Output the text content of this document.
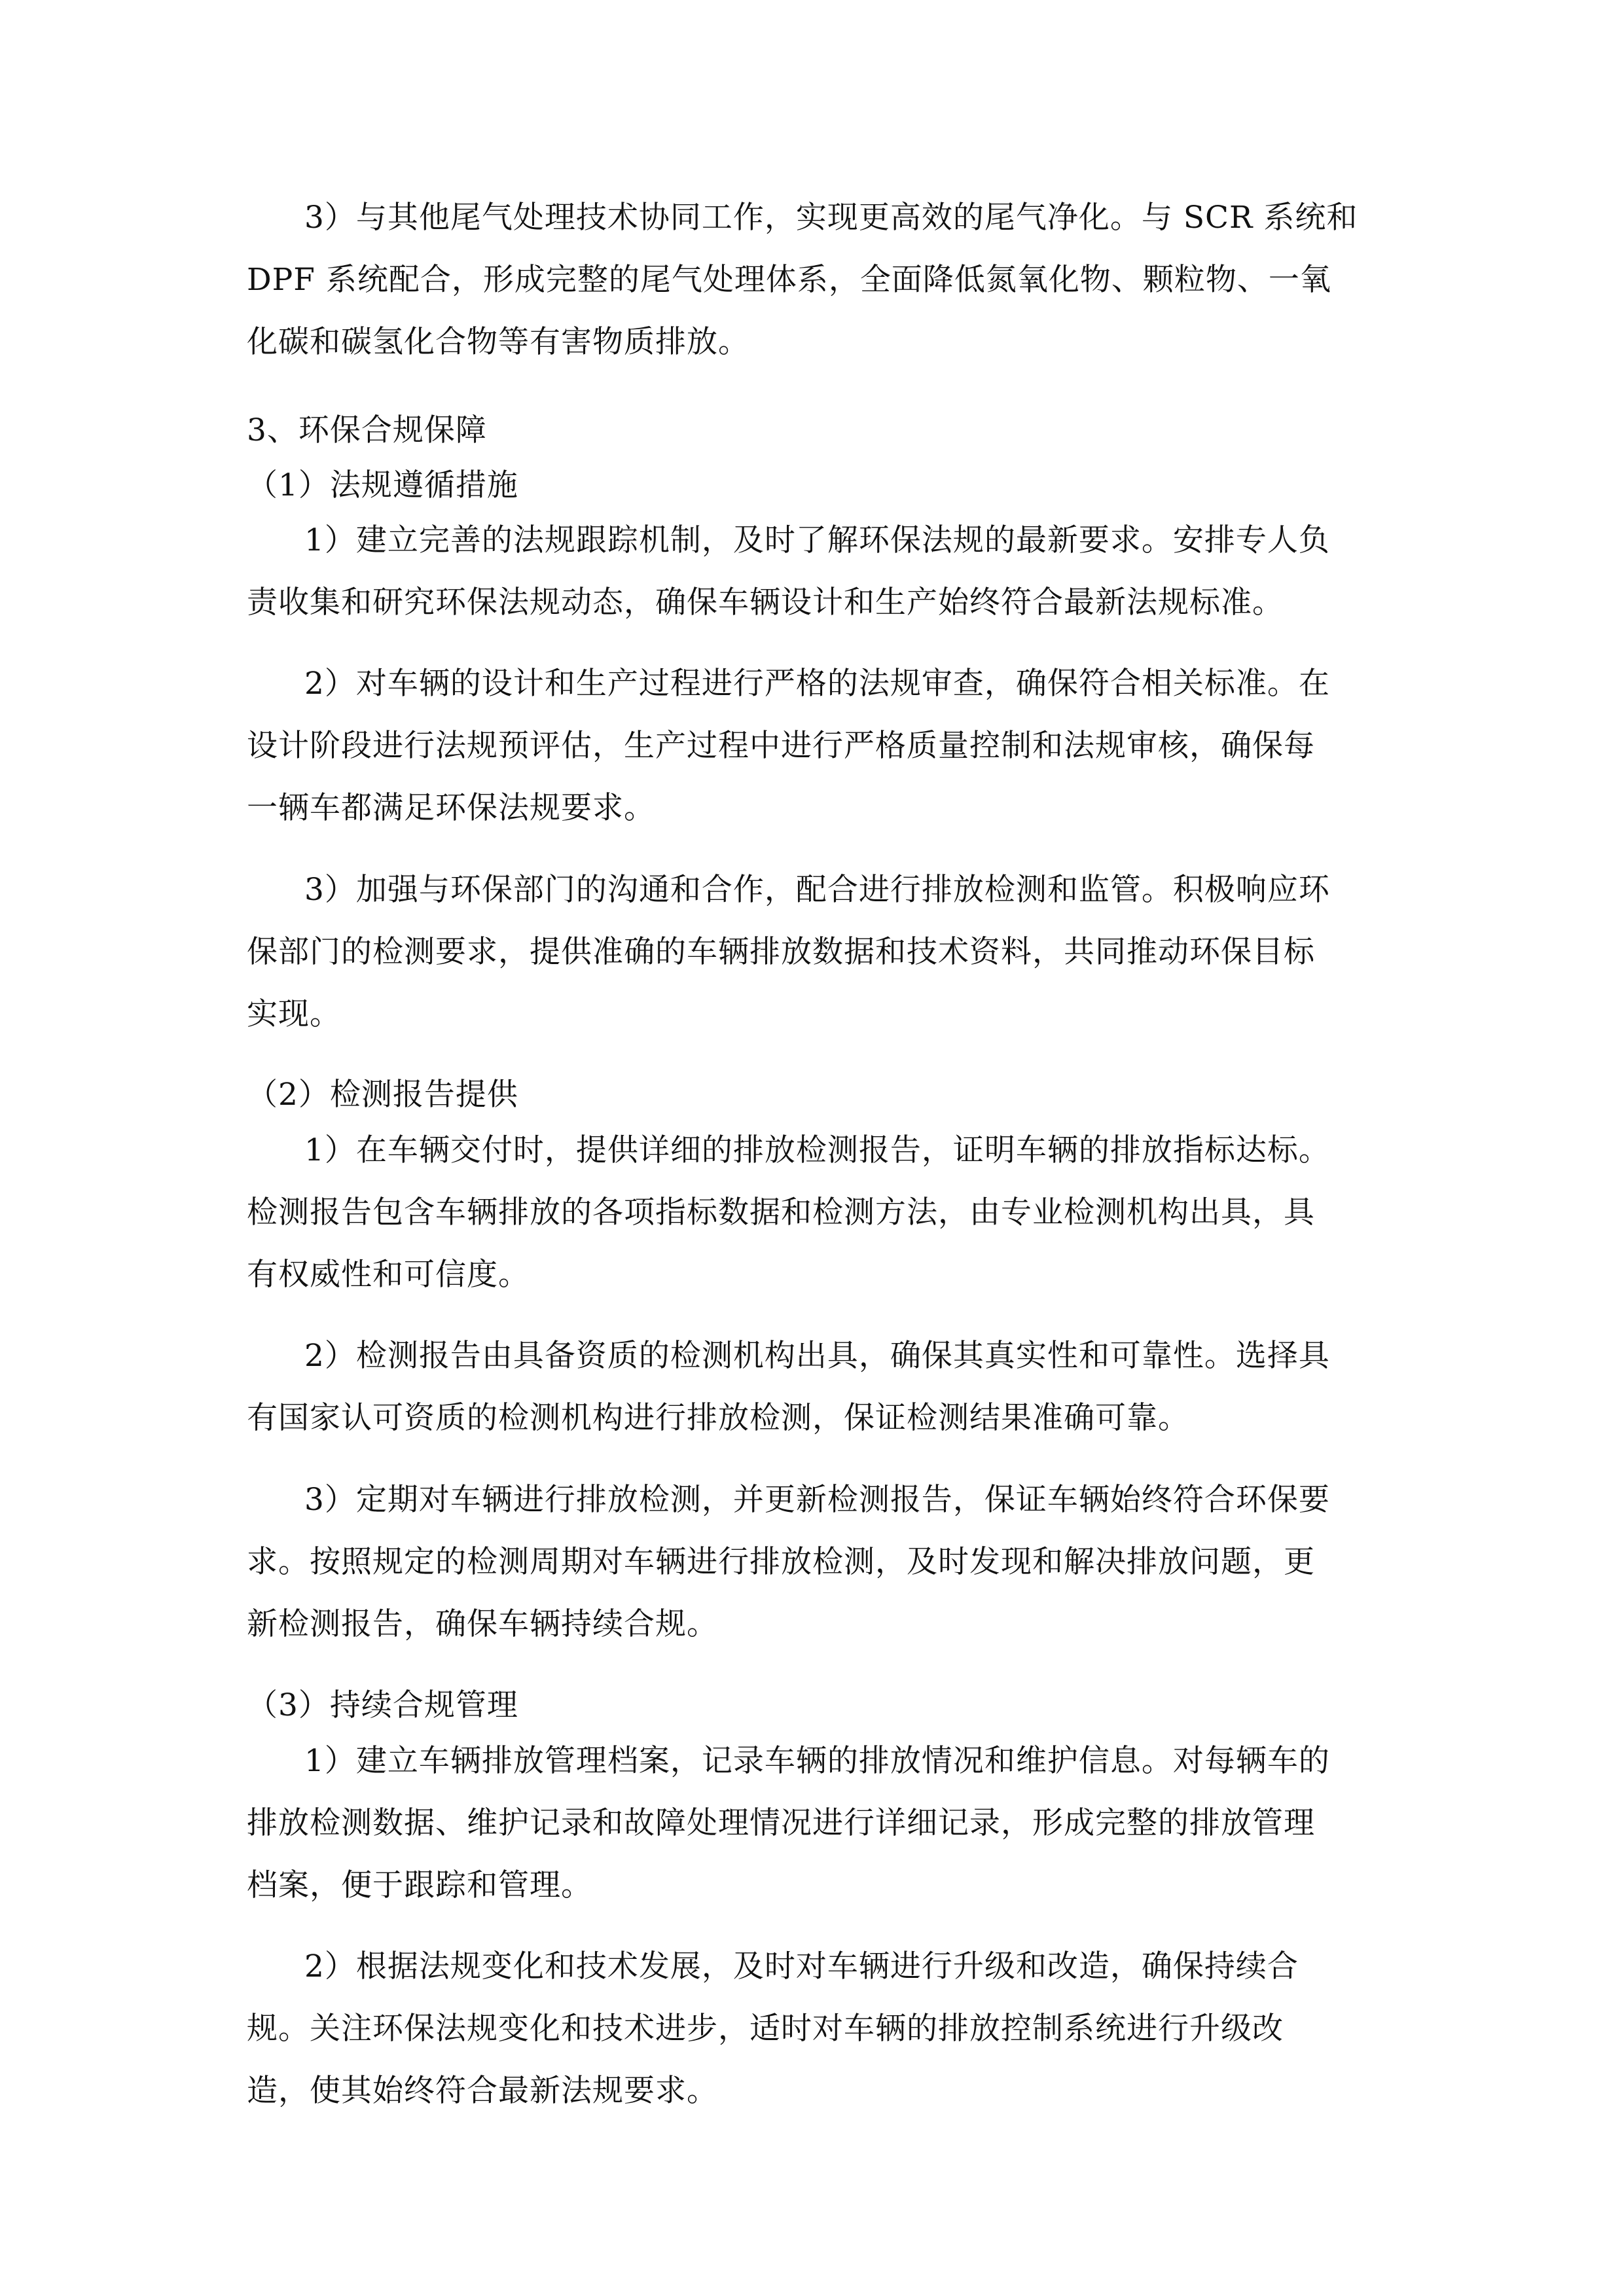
3）与其他尾气处理技术协同工作，实现更高效的尾气净化。与 SCR 系统和
DPF 系统配合，形成完整的尾气处理体系，全面降低氮氧化物、颗粒物、一氧
化碳和碳氢化合物等有害物质排放。
3、环保合规保障
（1）法规遵循措施
1）建立完善的法规跟踪机制，及时了解环保法规的最新要求。安排专人负
责收集和研究环保法规动态，确保车辆设计和生产始终符合最新法规标准。
2）对车辆的设计和生产过程进行严格的法规审查，确保符合相关标准。在
设计阶段进行法规预评估，生产过程中进行严格质量控制和法规审核，确保每
一辆车都满足环保法规要求。
3）加强与环保部门的沟通和合作，配合进行排放检测和监管。积极响应环
保部门的检测要求，提供准确的车辆排放数据和技术资料，共同推动环保目标
实现。
（2）检测报告提供
1）在车辆交付时，提供详细的排放检测报告，证明车辆的排放指标达标。
检测报告包含车辆排放的各项指标数据和检测方法，由专业检测机构出具，具
有权威性和可信度。
2）检测报告由具备资质的检测机构出具，确保其真实性和可靠性。选择具
有国家认可资质的检测机构进行排放检测，保证检测结果准确可靠。
3）定期对车辆进行排放检测，并更新检测报告，保证车辆始终符合环保要
求。按照规定的检测周期对车辆进行排放检测，及时发现和解决排放问题，更
新检测报告，确保车辆持续合规。
（3）持续合规管理
1）建立车辆排放管理档案，记录车辆的排放情况和维护信息。对每辆车的
排放检测数据、维护记录和故障处理情况进行详细记录，形成完整的排放管理
档案，便于跟踪和管理。
2）根据法规变化和技术发展，及时对车辆进行升级和改造，确保持续合
规。关注环保法规变化和技术进步，适时对车辆的排放控制系统进行升级改
造，使其始终符合最新法规要求。
